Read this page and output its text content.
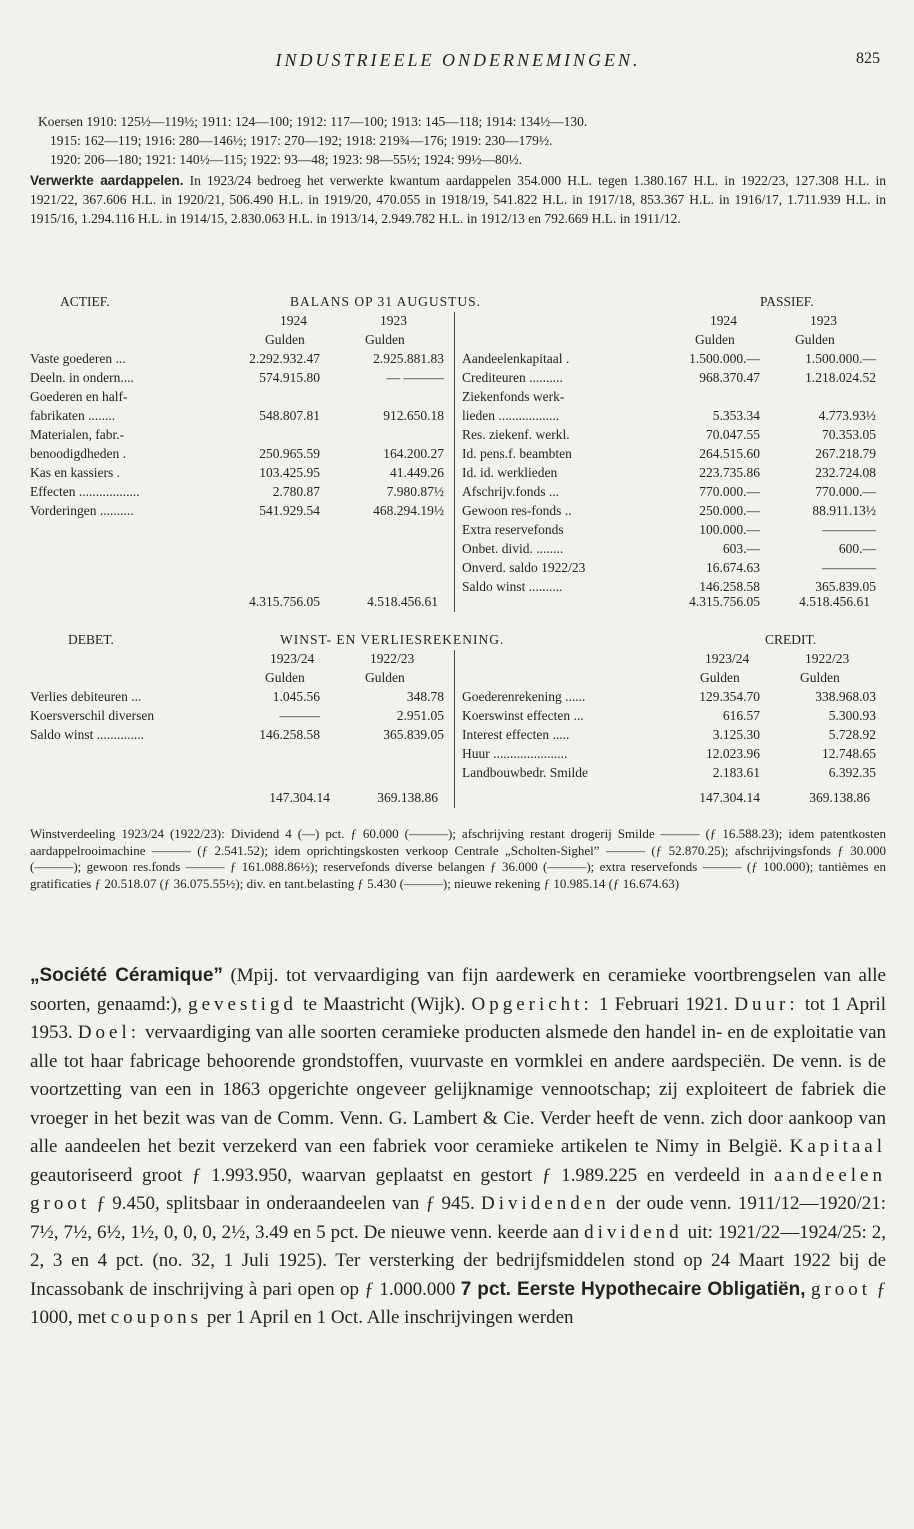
INDUSTRIEELE ONDERNEMINGEN.	825
Koersen 1910: 125½—119½; 1911: 124—100; 1912: 117—100; 1913: 145—118; 1914: 134½—130.
1915: 162—119; 1916: 280—146½; 1917: 270—192; 1918: 219¾—176; 1919: 230—179½.
1920: 206—180; 1921: 140½—115; 1922: 93—48; 1923: 98—55½; 1924: 99½—80½.
Verwerkte aardappelen. In 1923/24 bedroeg het verwerkte kwantum aardappelen 354.000 H.L. tegen 1.380.167 H.L. in 1922/23, 127.308 H.L. in 1921/22, 367.606 H.L. in 1920/21, 506.490 H.L. in 1919/20, 470.055 in 1918/19, 541.822 H.L. in 1917/18, 853.367 H.L. in 1916/17, 1.711.939 H.L. in 1915/16, 1.294.116 H.L. in 1914/15, 2.830.063 H.L. in 1913/14, 2.949.782 H.L. in 1912/13 en 792.669 H.L. in 1911/12.
ACTIEF.	BALANS OP 31 AUGUSTUS.	PASSIEF.
1924	1923	1924	1923
Gulden	Gulden	Gulden	Gulden
Vaste goederen ...	2.292.932.47	2.925.881.83
Deeln. in ondern....	574.915.80	— ———
Goederen en half-
fabrikaten ........	548.807.81	912.650.18
Materialen, fabr.-
benoodigdheden .	250.965.59	164.200.27
Kas en kassiers .	103.425.95	41.449.26
Effecten ..................	2.780.87	7.980.87½
Vorderingen ..........	541.929.54	468.294.19½
Aandeelenkapitaal .	1.500.000.—	1.500.000.—
Crediteuren ..........	968.370.47	1.218.024.52
Ziekenfonds werk-
lieden ..................	5.353.34	4.773.93½
Res. ziekenf. werkl.	70.047.55	70.353.05
Id. pens.f. beambten	264.515.60	267.218.79
Id. id. werklieden	223.735.86	232.724.08
Afschrijv.fonds ...	770.000.—	770.000.—
Gewoon res-fonds ..	250.000.—	88.911.13½
Extra reservefonds	100.000.—	————
Onbet. divid. ........	603.—	600.—
Onverd. saldo 1922/23	16.674.63	————
Saldo winst ..........	146.258.58	365.839.05
4.315.756.05	4.518.456.61	4.315.756.05	4.518.456.61
DEBET.	WINST- EN VERLIESREKENING.	CREDIT.
1923/24	1922/23	1923/24	1922/23
Gulden	Gulden	Gulden	Gulden
Verlies debiteuren ...	1.045.56	348.78
Koersverschil diversen	———	2.951.05
Saldo winst ..............	146.258.58	365.839.05
Goederenrekening ......	129.354.70	338.968.03
Koerswinst effecten ...	616.57	5.300.93
Interest effecten .....	3.125.30	5.728.92
Huur ......................	12.023.96	12.748.65
Landbouwbedr. Smilde	2.183.61	6.392.35
147.304.14	369.138.86	147.304.14	369.138.86
Winstverdeeling 1923/24 (1922/23): Dividend 4 (—) pct. ƒ 60.000 (———); afschrijving restant drogerij Smilde ——— (ƒ 16.588.23); idem patentkosten aardappelrooimachine ——— (ƒ 2.541.52); idem oprichtingskosten verkoop Centrale „Scholten-Sighel” ——— (ƒ 52.870.25); afschrijvingsfonds ƒ 30.000 (———); gewoon res.fonds ——— ƒ 161.088.86½); reservefonds diverse belangen ƒ 36.000 (———); extra reservefonds ——— (ƒ 100.000); tantièmes en gratificaties ƒ 20.518.07 (ƒ 36.075.55½); div. en tant.belasting ƒ 5.430 (———); nieuwe rekening ƒ 10.985.14 (ƒ 16.674.63)
„Société Céramique” (Mpij. tot vervaardiging van fijn aardewerk en ceramieke voortbrengselen van alle soorten, genaamd:), gevestigd te Maastricht (Wijk). Opgericht: 1 Februari 1921. Duur: tot 1 April 1953. Doel: vervaardiging van alle soorten ceramieke producten alsmede den handel in- en de exploitatie van alle tot haar fabricage behoorende grondstoffen, vuurvaste en vormklei en andere aardspeciën. De venn. is de voortzetting van een in 1863 opgerichte ongeveer gelijknamige vennootschap; zij exploiteert de fabriek die vroeger in het bezit was van de Comm. Venn. G. Lambert & Cie. Verder heeft de venn. zich door aankoop van alle aandeelen het bezit verzekerd van een fabriek voor ceramieke artikelen te Nimy in België. Kapitaal geautoriseerd groot ƒ 1.993.950, waarvan geplaatst en gestort ƒ 1.989.225 en verdeeld in aandeelen groot ƒ 9.450, splitsbaar in onderaandeelen van ƒ 945. Dividenden der oude venn. 1911/12—1920/21: 7½, 7½, 6½, 1½, 0, 0, 0, 2½, 3.49 en 5 pct. De nieuwe venn. keerde aan dividend uit: 1921/22—1924/25: 2, 2, 3 en 4 pct. (no. 32, 1 Juli 1925). Ter versterking der bedrijfsmiddelen stond op 24 Maart 1922 bij de Incassobank de inschrijving à pari open op ƒ 1.000.000 7 pct. Eerste Hypothecaire Obligatiën, groot ƒ 1000, met coupons per 1 April en 1 Oct. Alle inschrijvingen werden
